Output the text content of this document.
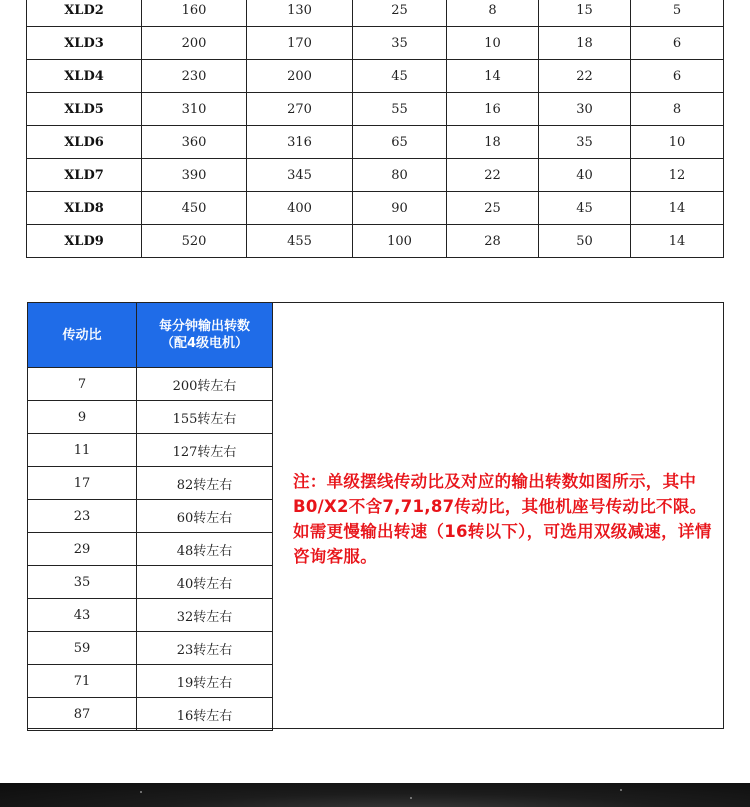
XLD2	160	130	25	8	15	5
XLD3	200	170	35	10	18	6
XLD4	230	200	45	14	22	6
XLD5	310	270	55	16	30	8
XLD6	360	316	65	18	35	10
XLD7	390	345	80	22	40	12
XLD8	450	400	90	25	45	14
XLD9	520	455	100	28	50	14
传动比	每分钟输出转数
（配4级电机）
7	200转左右
9	155转左右
11	127转左右
17	82转左右
23	60转左右
29	48转左右
35	40转左右
43	32转左右
59	23转左右
71	19转左右
87	16转左右
注：单级摆线传动比及对应的输出转数如图所示，其中B0/X2不含7,71,87传动比，其他机座号传动比不限。如需更慢输出转速（16转以下），可选用双级减速，详情咨询客服。
